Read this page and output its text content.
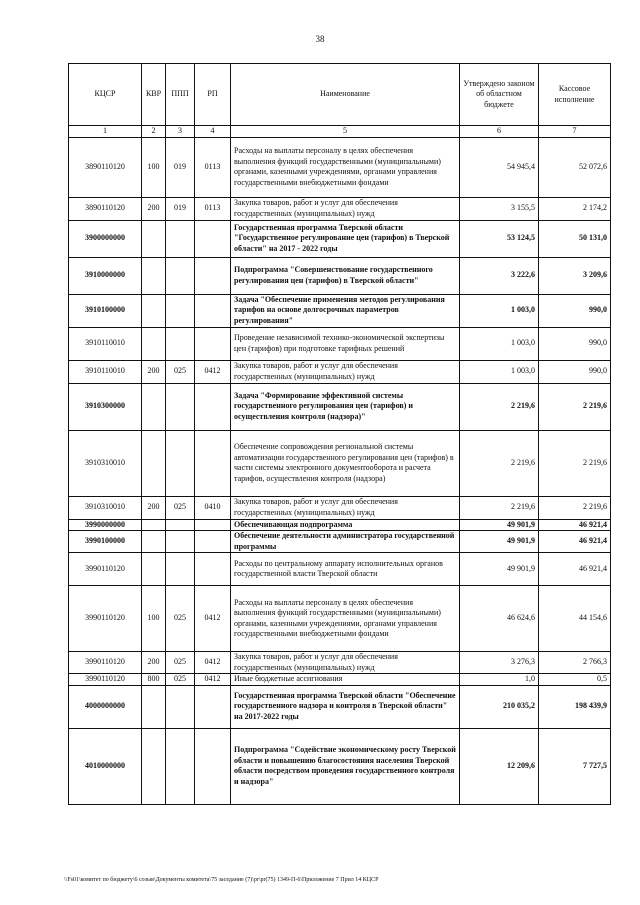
38
КЦСР	КВР	ППП	РП	Наименование	Утверждено законом об областном бюджете	Кассовое исполнение
1	2	3	4	5	6	7
3890110120	100	019	0113	Расходы на выплаты персоналу в целях обеспечения выполнения функций государственными (муниципальными) органами, казенными учреждениями, органами управления государственными внебюджетными фондами	54 945,4	52 072,6
3890110120	200	019	0113	Закупка товаров, работ и услуг для обеспечения государственных (муниципальных) нужд	3 155,5	2 174,2
3900000000				Государственная программа Тверской области "Государственное регулирование цен (тарифов) в Тверской области" на 2017 - 2022 годы	53 124,5	50 131,0
3910000000				Подпрограмма "Совершенствование государственного регулирования цен (тарифов) в Тверской области"	3 222,6	3 209,6
3910100000				Задача "Обеспечение применения методов регулирования тарифов на основе долгосрочных параметров регулирования"	1 003,0	990,0
3910110010				Проведение независимой технико-экономической экспертизы цен (тарифов) при подготовке тарифных решений	1 003,0	990,0
3910110010	200	025	0412	Закупка товаров, работ и услуг для обеспечения государственных (муниципальных) нужд	1 003,0	990,0
3910300000				Задача "Формирование эффективной системы государственного регулирования цен (тарифов) и осуществления контроля (надзора)"	2 219,6	2 219,6
3910310010				Обеспечение сопровождения региональной системы автоматизации государственного регулирования цен (тарифов) в части системы электронного документооборота и расчета тарифов, осуществления контроля (надзора)	2 219,6	2 219,6
3910310010	200	025	0410	Закупка товаров, работ и услуг для обеспечения государственных (муниципальных) нужд	2 219,6	2 219,6
3990000000				Обеспечивающая подпрограмма	49 901,9	46 921,4
3990100000				Обеспечение деятельности администратора государственной программы	49 901,9	46 921,4
3990110120				Расходы по центральному аппарату исполнительных органов государственной власти Тверской области	49 901,9	46 921,4
3990110120	100	025	0412	Расходы на выплаты персоналу в целях обеспечения выполнения функций государственными (муниципальными) органами, казенными учреждениями, органами управления государственными внебюджетными фондами	46 624,6	44 154,6
3990110120	200	025	0412	Закупка товаров, работ и услуг для обеспечения государственных (муниципальных) нужд	3 276,3	2 766,3
3990110120	800	025	0412	Иные бюджетные ассигнования	1,0	0,5
4000000000				Государственная программа Тверской области "Обеспечение государственного надзора и контроля в Тверской области" на 2017-2022 годы	210 035,2	198 439,9
4010000000				Подпрограмма "Содействие экономическому росту Тверской области и повышению благосостояния населения Тверской области посредством проведения государственного контроля и надзора"	12 209,6	7 727,5
\\Fs01\комитет по бюджету\6 созыв\Документы комитета\75 заседание (7)\pr\pr(75) 1349-П-6\Приложение 7 Прил 14 КЦСР
